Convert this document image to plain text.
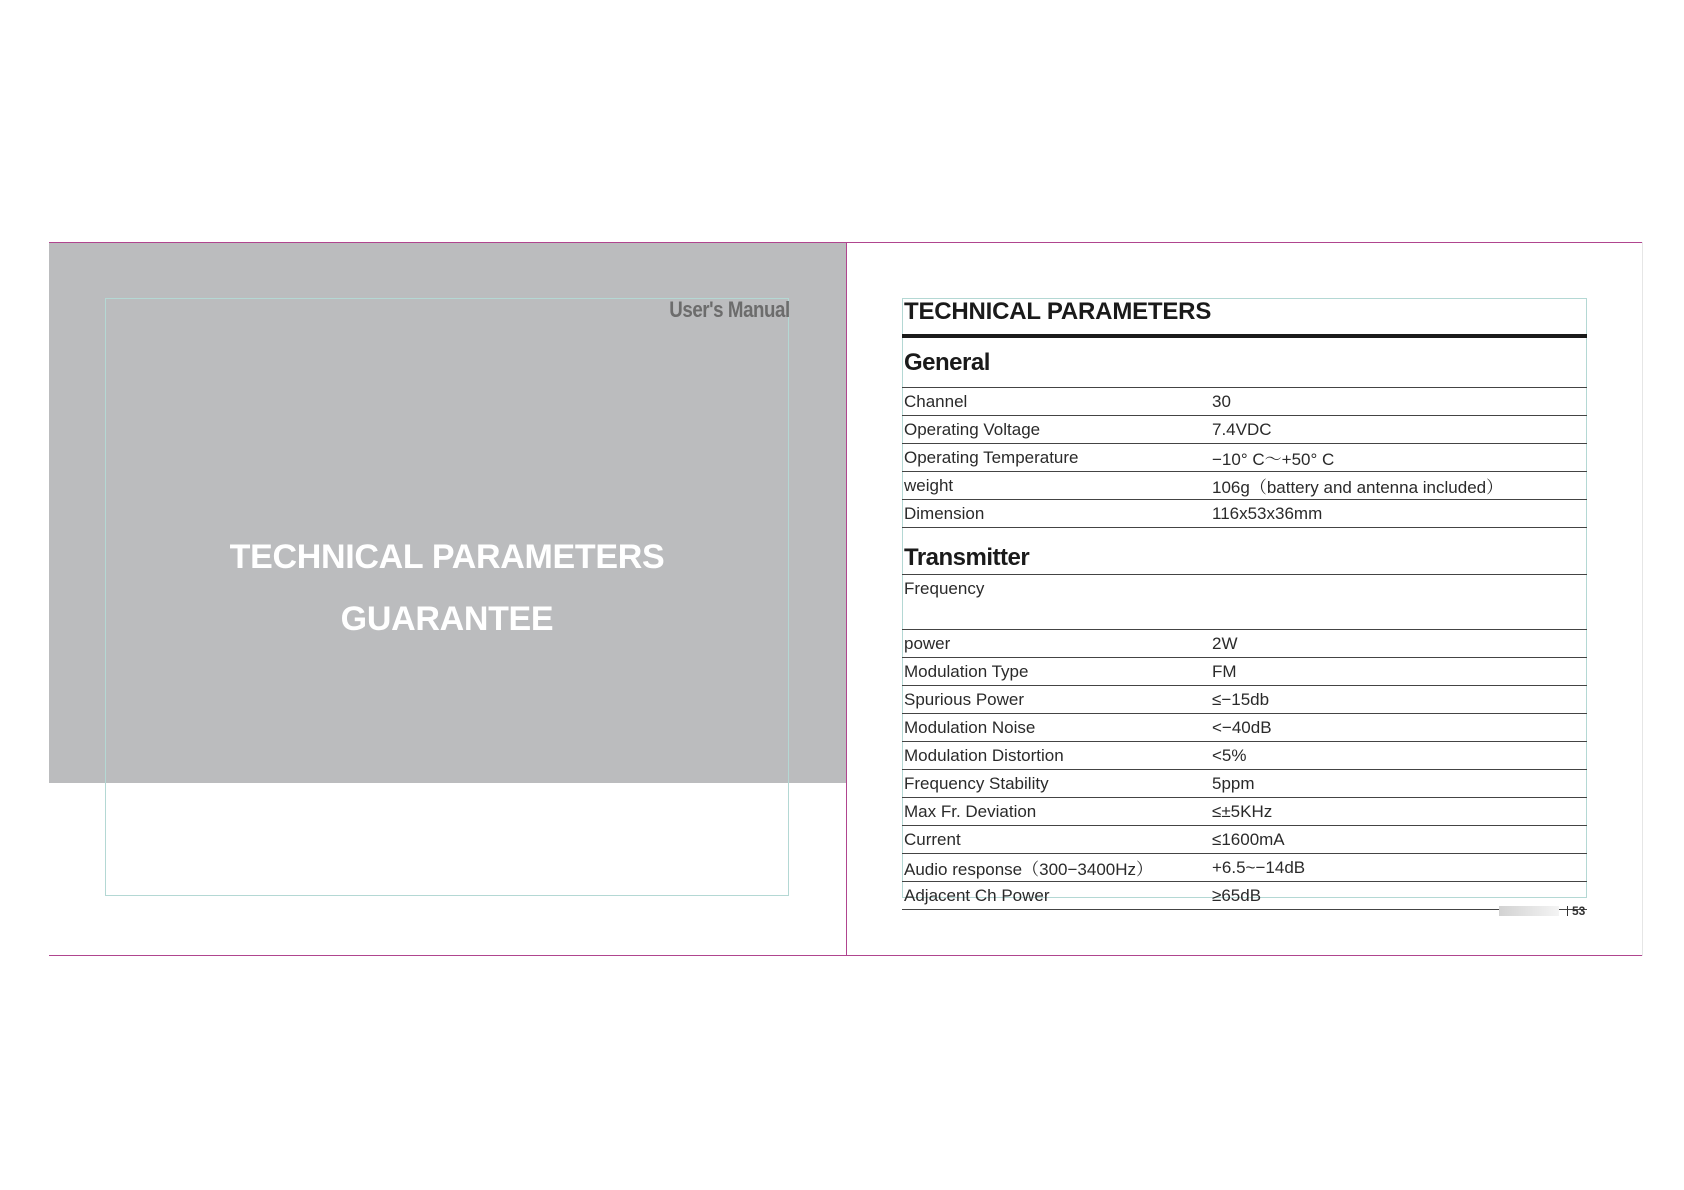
User's Manual
TECHNICAL PARAMETERS
GUARANTEE
TECHNICAL PARAMETERS
General
Channel	30
Operating Voltage	7.4VDC
Operating Temperature	−10° C～+50° C
weight	106g（battery and antenna included）
Dimension	116x53x36mm
Transmitter
Frequency
power	2W
Modulation Type	FM
Spurious Power	≤−15db
Modulation Noise	<−40dB
Modulation Distortion	<5%
Frequency Stability	5ppm
Max Fr. Deviation	≤±5KHz
Current	≤1600mA
Audio response（300−3400Hz）	+6.5~−14dB
Adjacent Ch Power	≥65dB
53
